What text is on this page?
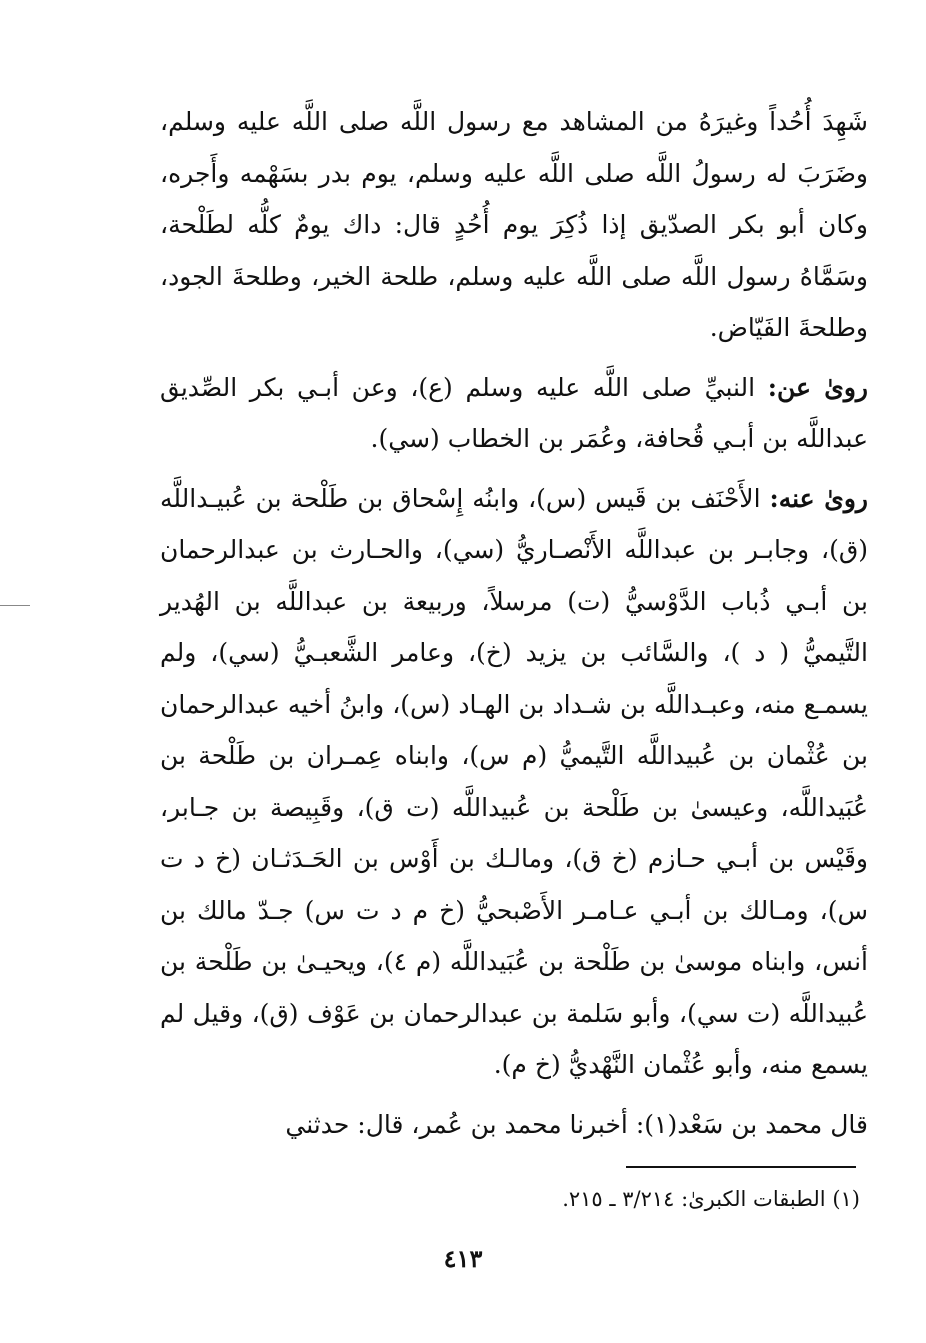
شَهِدَ أُحُداً وغيرَهُ من المشاهد مع رسول اللَّه صلى اللَّه عليه وسلم، وضَرَبَ له رسولُ اللَّه صلى اللَّه عليه وسلم، يوم بدر بسَهْمه وأَجره، وكان أبو بكر الصدّيق إذا ذُكِرَ يوم أُحُدٍ قال: داك يومٌ كلُّه لطَلْحة، وسَمَّاهُ رسول اللَّه صلى اللَّه عليه وسلم، طلحة الخير، وطلحةَ الجود، وطلحةَ الفَيّاض.

روىٰ عن: النبيِّ صلى اللَّه عليه وسلم (ع)، وعن أبـي بكر الصِّديق عبداللَّه بن أبـي قُحافة، وعُمَر بن الخطاب (سي).

روىٰ عنه: الأَحْنَف بن قَيس (س)، وابنُه إِسْحاق بن طَلْحة بن عُبيـداللَّه (ق)، وجابـر بن عبداللَّه الأَنْصـاريُّ (سي)، والحـارث بن عبدالرحمان بن أبـي ذُباب الدَّوْسيُّ (ت) مرسلاً، وربيعة بن عبداللَّه بن الهُدير التَّيميُّ ( د )، والسَّائب بن يزيد (خ)، وعامر الشَّعبـيُّ (سي)، ولم يسمـع منه، وعبـداللَّه بن شـداد بن الهـاد (س)، وابنُ أخيه عبدالرحمان بن عُثْمان بن عُبيداللَّه التَّيميُّ (م س)، وابناه عِمـران بن طَلْحة بن عُبَيداللَّه، وعيسىٰ بن طَلْحة بن عُبيداللَّه (ت ق)، وقَبِيصة بن جـابر، وقَيْس بن أبـي حـازم (خ ق)، ومالـك بن أَوْس بن الحَـدَثـان (خ د ت س)، ومـالك بن أبـي عـامـر الأَصْبحيُّ (خ م د ت س) جـدّ مالك بن أنس، وابناه موسىٰ بن طَلْحة بن عُبَيداللَّه (م ٤)، ويحيـىٰ بن طَلْحة بن عُبيداللَّه (ت سي)، وأبو سَلمة بن عبدالرحمان بن عَوْف (ق)، وقيل لم يسمع منه، وأبو عُثْمان النَّهْديُّ (خ م).

قال محمد بن سَعْد(١): أخبرنا محمد بن عُمر، قال: حدثني

(١) الطبقات الكبرىٰ: ٣/٢١٤ ـ ٢١٥.
٤١٣
